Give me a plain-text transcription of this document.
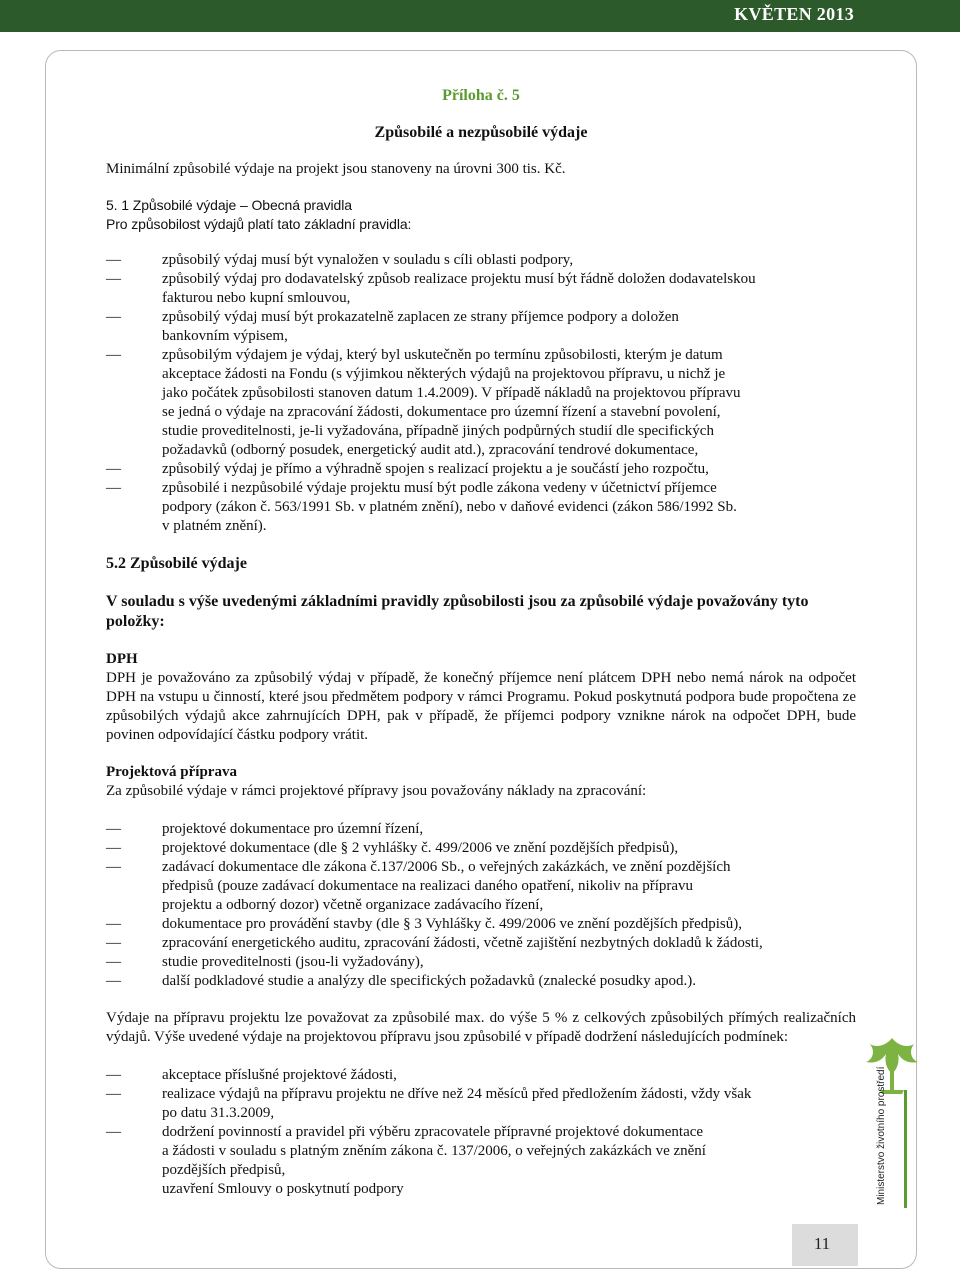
KVĚTEN 2013

Příloha č. 5

Způsobilé a nezpůsobilé výdaje

Minimální způsobilé výdaje na projekt jsou stanoveny na úrovni 300 tis. Kč.

5. 1 Způsobilé výdaje – Obecná pravidla

Pro způsobilost výdajů platí tato základní pravidla:

—	způsobilý výdaj musí být vynaložen v souladu s cíli oblasti podpory,
—	způsobilý výdaj pro dodavatelský způsob realizace projektu musí být řádně doložen dodavatelskou
fakturou nebo kupní smlouvou,
—	způsobilý výdaj musí být prokazatelně zaplacen ze strany příjemce podpory a doložen
bankovním výpisem,
—	způsobilým výdajem je výdaj, který byl uskutečněn po termínu způsobilosti, kterým je datum
akceptace žádosti na Fondu (s výjimkou některých výdajů na projektovou přípravu, u nichž je
jako počátek způsobilosti stanoven datum 1.4.2009). V případě nákladů na projektovou přípravu
se jedná o výdaje na zpracování žádosti, dokumentace pro územní řízení a stavební povolení,
studie proveditelnosti, je-li vyžadována, případně jiných podpůrných studií dle specifických
požadavků (odborný posudek, energetický audit atd.), zpracování tendrové dokumentace,
—	způsobilý výdaj je přímo a výhradně spojen s realizací projektu a je součástí jeho rozpočtu,
—	způsobilé i nezpůsobilé výdaje projektu musí být podle zákona vedeny v účetnictví příjemce
podpory (zákon č. 563/1991 Sb. v platném znění), nebo v daňové evidenci (zákon 586/1992 Sb.
v platném znění).

5.2 Způsobilé výdaje

V souladu s výše uvedenými základními pravidly způsobilosti jsou za způsobilé výdaje považovány tyto položky:

DPH

DPH je považováno za způsobilý výdaj v případě, že konečný příjemce není plátcem DPH nebo nemá nárok na odpočet DPH na vstupu u činností, které jsou předmětem podpory v rámci Programu. Pokud poskytnutá podpora bude propočtena ze způsobilých výdajů akce zahrnujících DPH, pak v případě, že příjemci podpory vznikne nárok na odpočet DPH, bude povinen odpovídající částku podpory vrátit.

Projektová příprava

Za způsobilé výdaje v rámci projektové přípravy jsou považovány náklady na zpracování:

—	projektové dokumentace pro územní řízení,
—	projektové dokumentace (dle § 2 vyhlášky č. 499/2006 ve znění pozdějších předpisů),
—	zadávací dokumentace dle zákona č.137/2006 Sb., o veřejných zakázkách, ve znění pozdějších
předpisů (pouze zadávací dokumentace na realizaci daného opatření, nikoliv na přípravu
projektu a odborný dozor) včetně organizace zadávacího řízení,
—	dokumentace pro provádění stavby (dle § 3 Vyhlášky č. 499/2006 ve znění pozdějších předpisů),
—	zpracování energetického auditu, zpracování žádosti, včetně zajištění nezbytných dokladů k žádosti,
—	studie proveditelnosti (jsou-li vyžadovány),
—	další podkladové studie a analýzy dle specifických požadavků (znalecké posudky apod.).

Výdaje na přípravu projektu lze považovat za způsobilé max. do výše 5 % z celkových způsobilých přímých realizačních výdajů. Výše uvedené výdaje na projektovou přípravu jsou způsobilé v případě dodržení následujících podmínek:

—	akceptace příslušné projektové žádosti,
—	realizace výdajů na přípravu projektu ne dříve než 24 měsíců před předložením žádosti, vždy však
po datu 31.3.2009,
—	dodržení povinností a pravidel při výběru zpracovatele přípravné projektové dokumentace
a žádosti v souladu s platným zněním zákona č. 137/2006, o veřejných zakázkách ve znění
pozdějších předpisů,

uzavření Smlouvy o poskytnutí podpory	Ministerstvo životního prostředí
11
